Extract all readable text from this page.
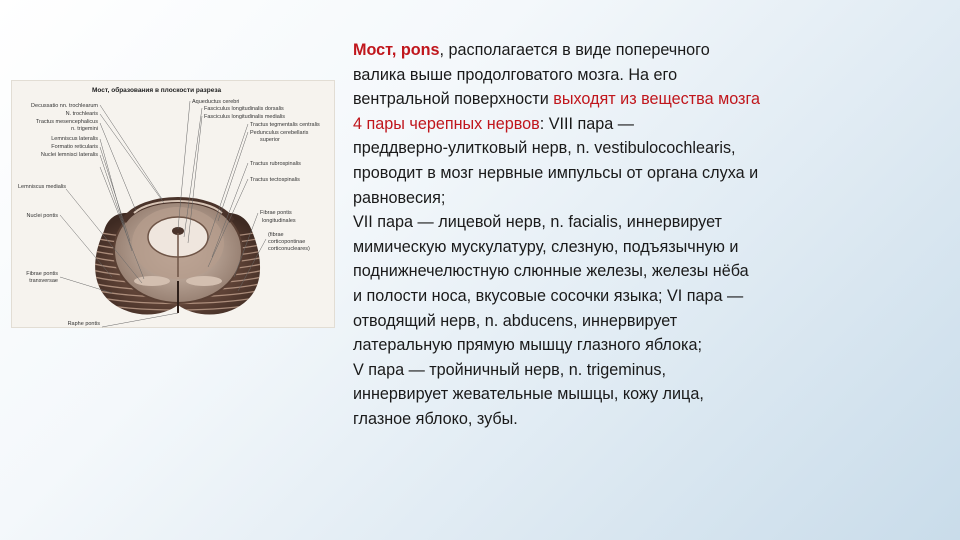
Мост, образования в плоскости разреза
Decussatio nn. trochlearum
N. trochlearis
Tractus mesencephalicus
n. trigemini
Lemniscus lateralis
Formatio reticularis
Nuclei lemnisci lateralis
Lemniscus medialis
Nuclei pontis
Fibrae pontis
transversae
Raphe pontis
Aqueductus cerebri
Fasciculus longitudinalis dorsalis
Fasciculus longitudinalis medialis
Tractus tegmentalis centralis
Pedunculus cerebellaris
superior
Tractus rubrospinalis
Tractus tectospinalis
Fibrae pontis
longitudinales
(fibrae
corticopontinae
corticonucleares)

Мост, pons, располагается в виде поперечного

валика выше продолговатого мозга. На его

вентральной поверхности выходят из вещества мозга

4 пары черепных нервов: VIII пара —

преддверно-улитковый нерв, n. vestibulocochlearis,

проводит в мозг нервные импульсы от органа слуха и

равновесия;

VII пара — лицевой нерв, n. facialis, иннервирует

мимическую мускулатуру, слезную, подъязычную и

поднижнечелюстную слюнные железы, железы нёба

и полости носа, вкусовые сосочки языка; VI пара —

отводящий нерв, n. abducens, иннервирует

латеральную прямую мышцу глазного яблока;

V пара — тройничный нерв, n. trigeminus,

иннервирует жевательные мышцы, кожу лица,

глазное яблоко, зубы.
